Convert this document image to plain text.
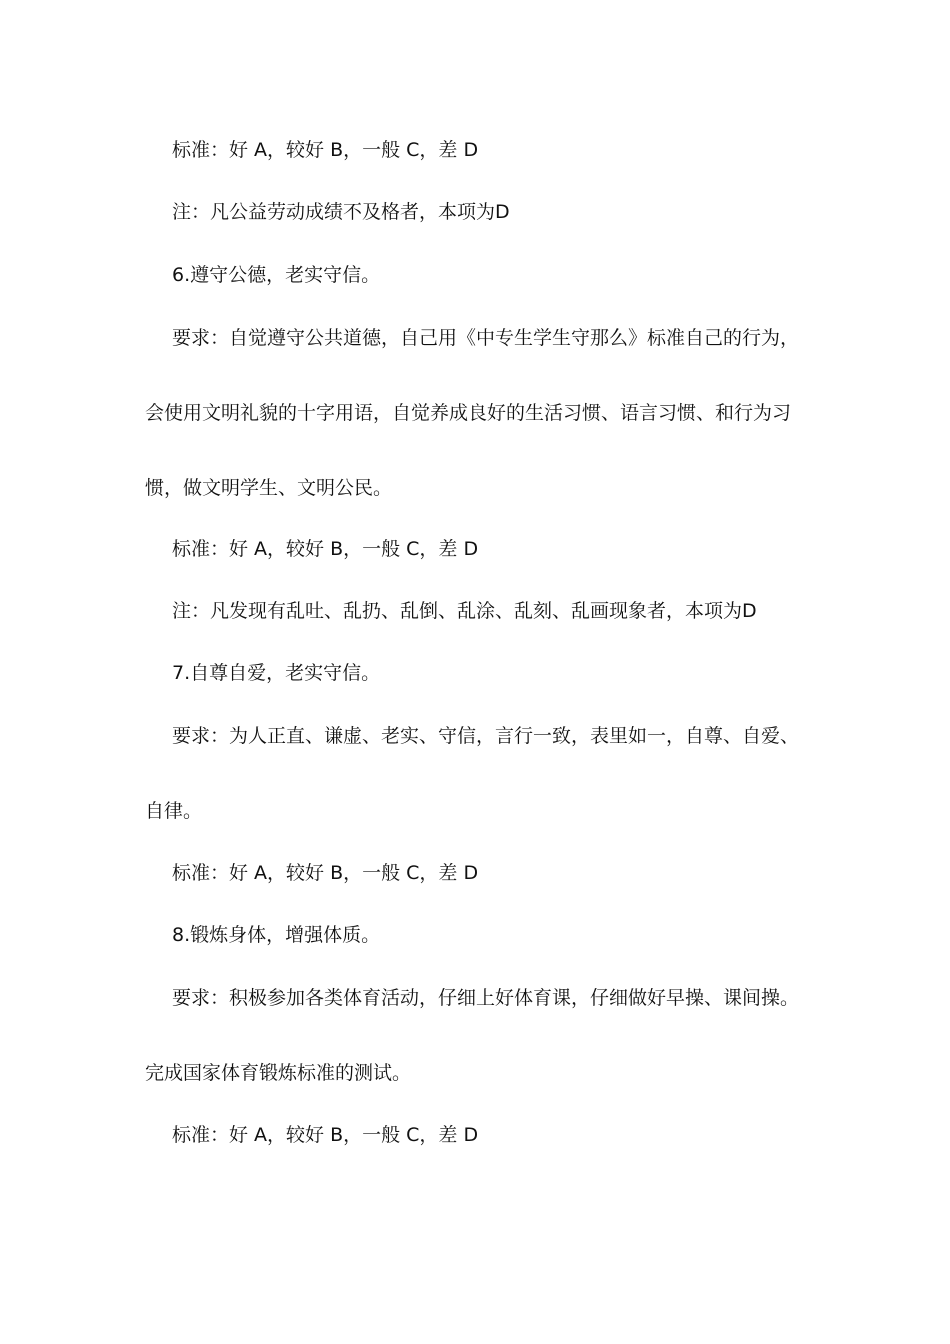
标准：好 A，较好 B，一般 C，差 D
注：凡公益劳动成绩不及格者，本项为D
6.遵守公德，老实守信。
要求：自觉遵守公共道德，自己用《中专生学生守那么》标准自己的行为，
会使用文明礼貌的十字用语，自觉养成良好的生活习惯、语言习惯、和行为习
惯，做文明学生、文明公民。
标准：好 A，较好 B，一般 C，差 D
注：凡发现有乱吐、乱扔、乱倒、乱涂、乱刻、乱画现象者，本项为D
7.自尊自爱，老实守信。
要求：为人正直、谦虚、老实、守信，言行一致，表里如一，自尊、自爱、
自律。
标准：好 A，较好 B，一般 C，差 D
8.锻炼身体，增强体质。
要求：积极参加各类体育活动，仔细上好体育课，仔细做好早操、课间操。
完成国家体育锻炼标准的测试。
标准：好 A，较好 B，一般 C，差 D
